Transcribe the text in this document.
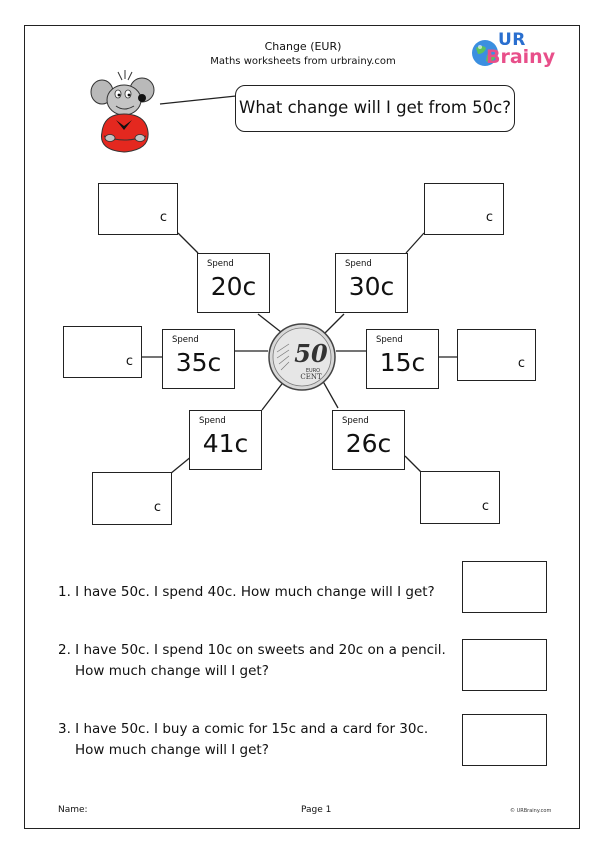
Change (EUR)
Maths worksheets from urbrainy.com
UR
Brainy
What change will I get from 50c?
50
EURO
CENT
c	c
c	c
c	c
Spend
20c
Spend
30c
Spend
35c
Spend
15c
Spend
41c
Spend
26c
1. I have 50c. I spend 40c. How much change will I get?
2. I have 50c. I spend 10c on sweets and 20c on a pencil.
How much change will I get?
3. I have 50c. I buy a comic for 15c and a card for 30c.
How much change will I get?
Name:	Page 1	© URBrainy.com
